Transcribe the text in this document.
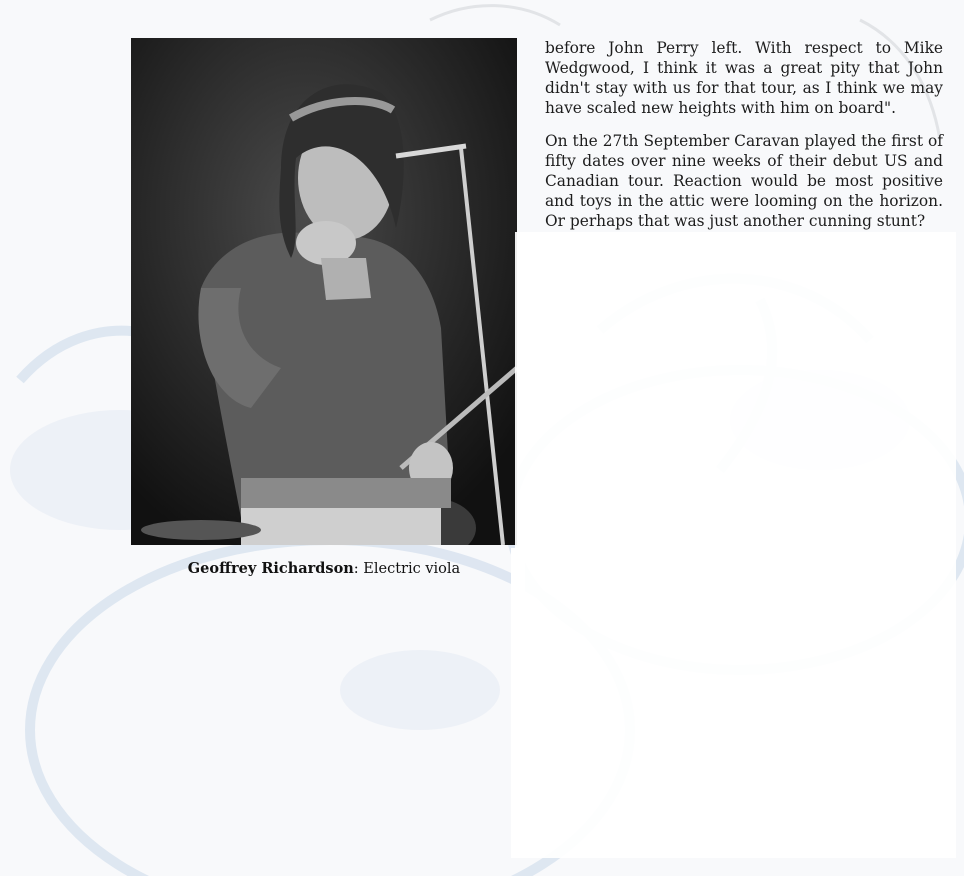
Geoffrey Richardson: Electric viola

before John Perry left. With respect to Mike Wedgwood, I think it was a great pity that John didn't stay with us for that tour, as I think we may have scaled new heights with him on board".

On the 27th September Caravan played the first of fifty dates over nine weeks of their debut US and Canadian tour. Reaction would be most positive and toys in the attic were looming on the horizon. Or perhaps that was just another cunning stunt?
